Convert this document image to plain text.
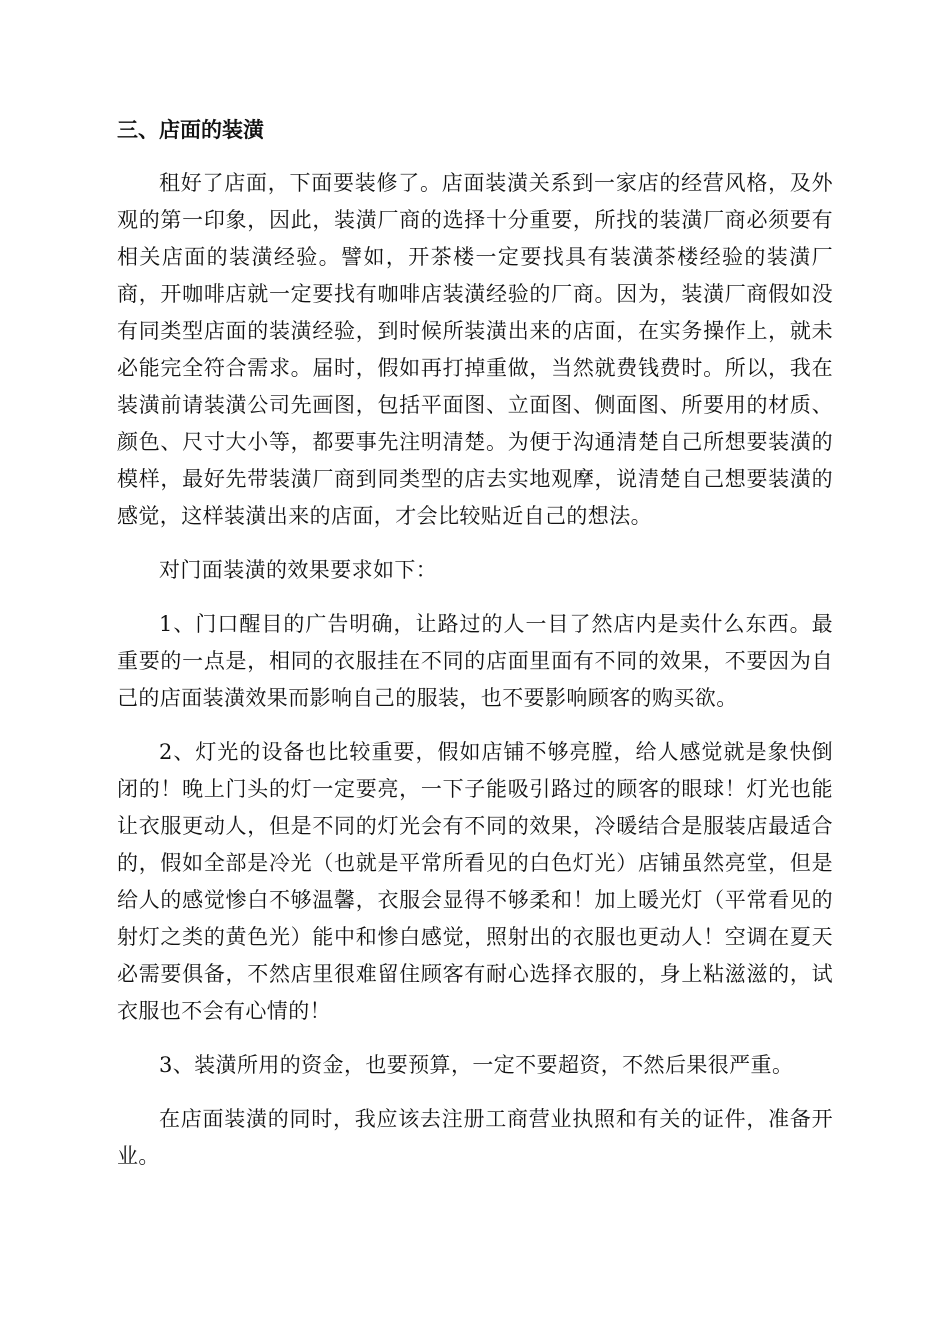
三、店面的装潢

租好了店面，下面要装修了。店面装潢关系到一家店的经营风格，及外观的第一印象，因此，装潢厂商的选择十分重要，所找的装潢厂商必须要有相关店面的装潢经验。譬如，开茶楼一定要找具有装潢茶楼经验的装潢厂商，开咖啡店就一定要找有咖啡店装潢经验的厂商。因为，装潢厂商假如没有同类型店面的装潢经验，到时候所装潢出来的店面，在实务操作上，就未必能完全符合需求。届时，假如再打掉重做，当然就费钱费时。所以，我在装潢前请装潢公司先画图，包括平面图、立面图、侧面图、所要用的材质、颜色、尺寸大小等，都要事先注明清楚。为便于沟通清楚自己所想要装潢的模样，最好先带装潢厂商到同类型的店去实地观摩，说清楚自己想要装潢的感觉，这样装潢出来的店面，才会比较贴近自己的想法。

对门面装潢的效果要求如下：

1、门口醒目的广告明确，让路过的人一目了然店内是卖什么东西。最重要的一点是，相同的衣服挂在不同的店面里面有不同的效果，不要因为自己的店面装潢效果而影响自己的服装，也不要影响顾客的购买欲。

2、灯光的设备也比较重要，假如店铺不够亮膛，给人感觉就是象快倒闭的！晚上门头的灯一定要亮，一下子能吸引路过的顾客的眼球！灯光也能让衣服更动人，但是不同的灯光会有不同的效果，冷暖结合是服装店最适合的，假如全部是冷光（也就是平常所看见的白色灯光）店铺虽然亮堂，但是给人的感觉惨白不够温馨，衣服会显得不够柔和！加上暖光灯（平常看见的射灯之类的黄色光）能中和惨白感觉，照射出的衣服也更动人！空调在夏天必需要俱备，不然店里很难留住顾客有耐心选择衣服的，身上粘滋滋的，试衣服也不会有心情的！

3、装潢所用的资金，也要预算，一定不要超资，不然后果很严重。

在店面装潢的同时，我应该去注册工商营业执照和有关的证件，准备开业。
